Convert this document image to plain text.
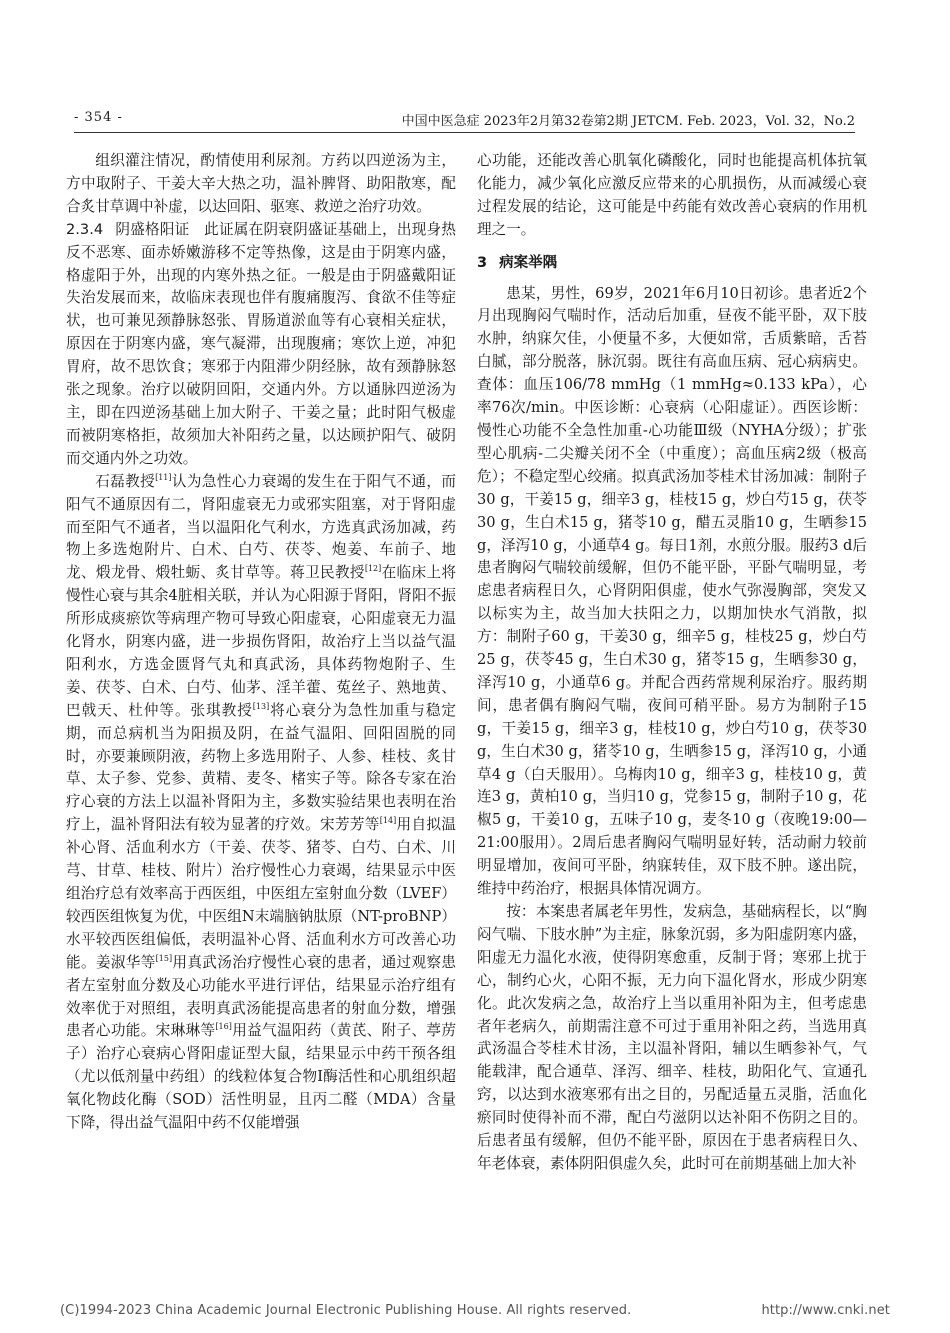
- 354 -	中国中医急症 2023年2月第32卷第2期 JETCM. Feb. 2023，Vol. 32，No.2

组织灌注情况，酌情使用利尿剂。方药以四逆汤为主，方中取附子、干姜大辛大热之功，温补脾肾、助阳散寒，配合炙甘草调中补虚，以达回阳、驱寒、救逆之治疗功效。

2.3.4 阴盛格阳证 此证属在阴衰阴盛证基础上，出现身热反不恶寒、面赤娇嫩游移不定等热像，这是由于阴寒内盛，格虚阳于外，出现的内寒外热之征。一般是由于阴盛戴阳证失治发展而来，故临床表现也伴有腹痛腹泻、食欲不佳等症状，也可兼见颈静脉怒张、胃肠道淤血等有心衰相关症状，原因在于阴寒内盛，寒气凝滞，出现腹痛；寒饮上逆，冲犯胃府，故不思饮食；寒邪于内阻滞少阴经脉，故有颈静脉怒张之现象。治疗以破阴回阳，交通内外。方以通脉四逆汤为主，即在四逆汤基础上加大附子、干姜之量；此时阳气极虚而被阴寒格拒，故须加大补阳药之量，以达顾护阳气、破阴而交通内外之功效。

石磊教授[11]认为急性心力衰竭的发生在于阳气不通，而阳气不通原因有二，肾阳虚衰无力或邪实阻塞，对于肾阳虚而至阳气不通者，当以温阳化气利水，方选真武汤加减，药物上多选炮附片、白术、白芍、茯苓、炮姜、车前子、地龙、煅龙骨、煅牡蛎、炙甘草等。蒋卫民教授[12]在临床上将慢性心衰与其余4脏相关联，并认为心阳源于肾阳，肾阳不振所形成痰瘀饮等病理产物可导致心阳虚衰，心阳虚衰无力温化肾水，阴寒内盛，进一步损伤肾阳，故治疗上当以益气温阳利水，方选金匮肾气丸和真武汤，具体药物炮附子、生姜、茯苓、白术、白芍、仙茅、淫羊藿、菟丝子、熟地黄、巴戟天、杜仲等。张琪教授[13]将心衰分为急性加重与稳定期，而总病机当为阳损及阴，在益气温阳、回阳固脱的同时，亦要兼顾阴液，药物上多选用附子、人参、桂枝、炙甘草、太子参、党参、黄精、麦冬、楮实子等。除各专家在治疗心衰的方法上以温补肾阳为主，多数实验结果也表明在治疗上，温补肾阳法有较为显著的疗效。宋芳芳等[14]用自拟温补心肾、活血利水方（干姜、茯苓、猪苓、白芍、白术、川芎、甘草、桂枝、附片）治疗慢性心力衰竭，结果显示中医组治疗总有效率高于西医组，中医组左室射血分数（LVEF）较西医组恢复为优，中医组N末端脑钠肽原（NT-proBNP）水平较西医组偏低，表明温补心肾、活血利水方可改善心功能。姜淑华等[15]用真武汤治疗慢性心衰的患者，通过观察患者左室射血分数及心功能水平进行评估，结果显示治疗组有效率优于对照组，表明真武汤能提高患者的射血分数，增强患者心功能。宋琳琳等[16]用益气温阳药（黄芪、附子、葶苈子）治疗心衰病心肾阳虚证型大鼠，结果显示中药干预各组（尤以低剂量中药组）的线粒体复合物Ⅰ酶活性和心肌组织超氧化物歧化酶（SOD）活性明显，且丙二醛（MDA）含量下降，得出益气温阳中药不仅能增强

心功能，还能改善心肌氧化磷酸化，同时也能提高机体抗氧化能力，减少氧化应激反应带来的心肌损伤，从而减缓心衰过程发展的结论，这可能是中药能有效改善心衰病的作用机理之一。

3 病案举隅

患某，男性，69岁，2021年6月10日初诊。患者近2个月出现胸闷气喘时作，活动后加重，昼夜不能平卧，双下肢水肿，纳寐欠佳，小便量不多，大便如常，舌质紫暗，舌苔白腻，部分脱落，脉沉弱。既往有高血压病、冠心病病史。查体：血压106/78 mmHg（1 mmHg≈0.133 kPa），心率76次/min。中医诊断：心衰病（心阳虚证）。西医诊断：慢性心功能不全急性加重-心功能Ⅲ级（NYHA分级）；扩张型心肌病-二尖瓣关闭不全（中重度）；高血压病2级（极高危）；不稳定型心绞痛。拟真武汤加苓桂术甘汤加减：制附子30 g，干姜15 g，细辛3 g，桂枝15 g，炒白芍15 g，茯苓30 g，生白术15 g，猪苓10 g，醋五灵脂10 g，生晒参15 g，泽泻10 g，小通草4 g。每日1剂，水煎分服。服药3 d后患者胸闷气喘较前缓解，但仍不能平卧，平卧气喘明显，考虑患者病程日久，心肾阴阳俱虚，使水气弥漫胸部，突发又以标实为主，故当加大扶阳之力，以期加快水气消散，拟方：制附子60 g，干姜30 g，细辛5 g，桂枝25 g，炒白芍25 g，茯苓45 g，生白术30 g，猪苓15 g，生晒参30 g，泽泻10 g，小通草6 g。并配合西药常规利尿治疗。服药期间，患者偶有胸闷气喘，夜间可稍平卧。易方为制附子15 g，干姜15 g，细辛3 g，桂枝10 g，炒白芍10 g，茯苓30 g，生白术30 g，猪苓10 g，生晒参15 g，泽泻10 g，小通草4 g（白天服用）。乌梅肉10 g，细辛3 g，桂枝10 g，黄连3 g，黄柏10 g，当归10 g，党参15 g，制附子10 g，花椒5 g，干姜10 g，五味子10 g，麦冬10 g（夜晚19:00—21:00服用）。2周后患者胸闷气喘明显好转，活动耐力较前明显增加，夜间可平卧，纳寐转佳，双下肢不肿。遂出院，维持中药治疗，根据具体情况调方。

按：本案患者属老年男性，发病急，基础病程长，以“胸闷气喘、下肢水肿”为主症，脉象沉弱，多为阳虚阴寒内盛，阳虚无力温化水液，使得阴寒愈重，反制于肾；寒邪上扰于心，制约心火，心阳不振，无力向下温化肾水，形成少阴寒化。此次发病之急，故治疗上当以重用补阳为主，但考虑患者年老病久，前期需注意不可过于重用补阳之药，当选用真武汤温合苓桂术甘汤，主以温补肾阳，辅以生晒参补气，气能载津，配合通草、泽泻、细辛、桂枝，助阳化气、宣通孔窍，以达到水液寒邪有出之目的，另配适量五灵脂，活血化瘀同时使得补而不滞，配白芍滋阴以达补阳不伤阴之目的。后患者虽有缓解，但仍不能平卧，原因在于患者病程日久、年老体衰，素体阴阳俱虚久矣，此时可在前期基础上加大补

(C)1994-2023 China Academic Journal Electronic Publishing House. All rights reserved.	http://www.cnki.net
